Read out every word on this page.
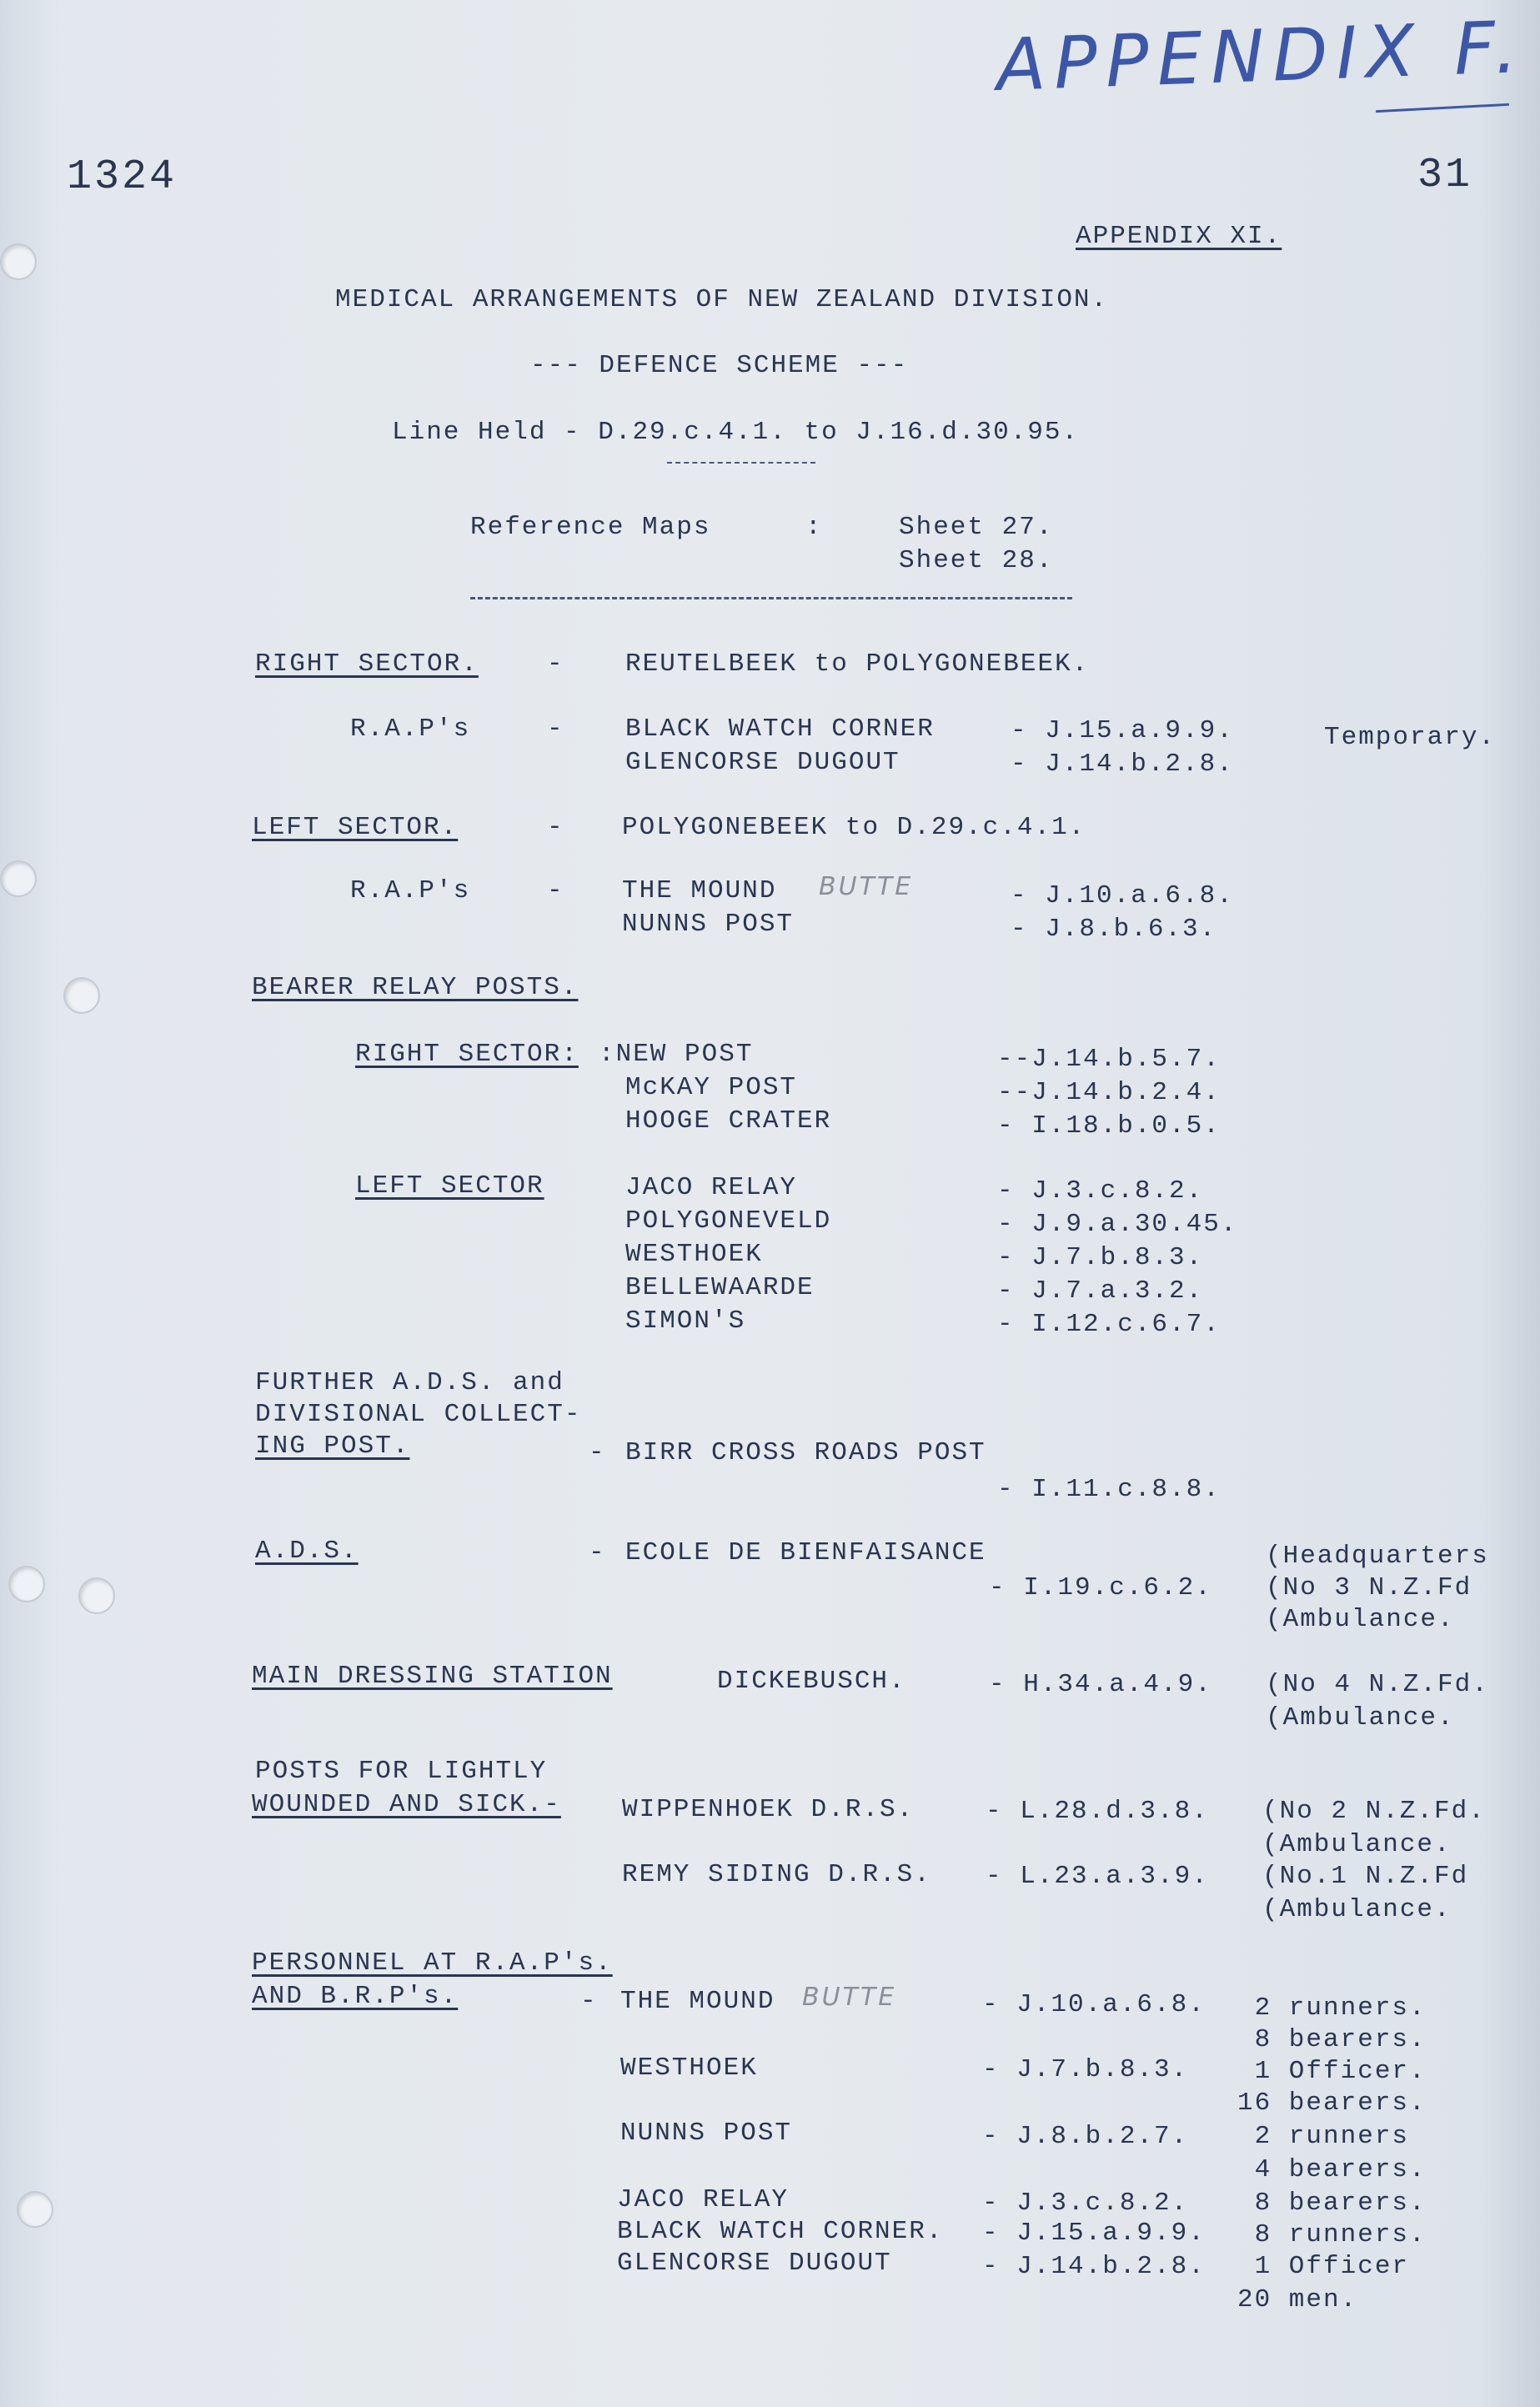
APPENDIX F.
1324	31
APPENDIX XI.
MEDICAL ARRANGEMENTS OF NEW ZEALAND DIVISION.
--- DEFENCE SCHEME ---
Line Held - D.29.c.4.1. to J.16.d.30.95.
Reference Maps	:	Sheet 27.
Sheet 28.
RIGHT SECTOR.	- REUTELBEEK to POLYGONEBEEK.
R.A.P's	- BLACK WATCH CORNER	- J.15.a.9.9.	Temporary.
GLENCORSE DUGOUT	- J.14.b.2.8.
LEFT SECTOR.	- POLYGONEBEEK to D.29.c.4.1.
R.A.P's	- THE MOUND BUTTE	- J.10.a.6.8.
NUNNS POST	- J.8.b.6.3.
BEARER RELAY POSTS.
RIGHT SECTOR: :NEW POST	--J.14.b.5.7.
McKAY POST	--J.14.b.2.4.
HOOGE CRATER	- I.18.b.0.5.
LEFT SECTOR	JACO RELAY	- J.3.c.8.2.
POLYGONEVELD	- J.9.a.30.45.
WESTHOEK	- J.7.b.8.3.
BELLEWAARDE	- J.7.a.3.2.
SIMON'S	- I.12.c.6.7.
FURTHER A.D.S. and
DIVISIONAL COLLECT-
ING POST.	- BIRR CROSS ROADS POST
- I.11.c.8.8.
A.D.S.	- ECOLE DE BIENFAISANCE
- I.19.c.6.2.
(Headquarters
(No 3 N.Z.Fd
(Ambulance.
MAIN DRESSING STATION	DICKEBUSCH.	- H.34.a.4.9. (No 4 N.Z.Fd.
(Ambulance.
POSTS FOR LIGHTLY
WOUNDED AND SICK.- WIPPENHOEK D.R.S.	- L.28.d.3.8. (No 2 N.Z.Fd.
(Ambulance.
REMY SIDING D.R.S. - L.23.a.3.9. (No.1 N.Z.Fd
(Ambulance.
PERSONNEL AT R.A.P's.
AND B.R.P's.	- THE MOUND BUTTE	- J.10.a.6.8. 2 runners.
8 bearers.
WESTHOEK	- J.7.b.8.3. 1 Officer.
16 bearers.
NUNNS POST	- J.8.b.2.7. 2 runners
4 bearers.
JACO RELAY	- J.3.c.8.2. 8 bearers.
BLACK WATCH CORNER. - J.15.a.9.9. 8 runners.
GLENCORSE DUGOUT	- J.14.b.2.8. 1 Officer
20 men.
